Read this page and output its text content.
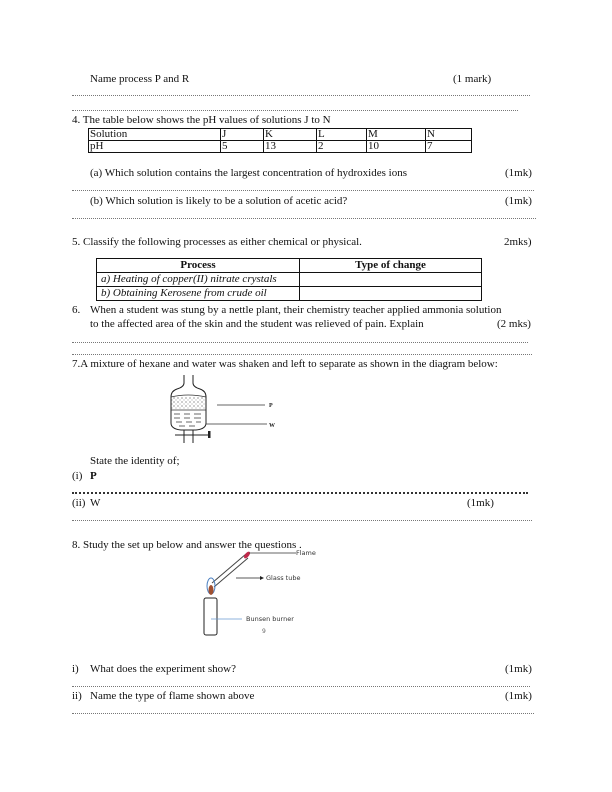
Name process P and R	(1 mark)
4. The table below shows the pH values of solutions J to N
Solution	J	K	L	M	N
pH	5	13	2	10	7
(a) Which solution contains the largest concentration of hydroxides ions	(1mk)
(b) Which solution is likely to be a solution of acetic acid?	(1mk)
5. Classify the following processes as either chemical or physical.	2mks)
Process	Type of change
a) Heating of copper(II) nitrate crystals	
b) Obtaining Kerosene from crude oil	
6. When a student was stung by a nettle plant, their chemistry teacher applied ammonia solution
to the affected area of the skin and the student was relieved of pain. Explain	(2 mks)
7.A mixture of hexane and water was shaken and left to separate as shown in the diagram below:
P
W
State the identity of;
(i) P
(ii) W	(1mk)
8. Study the set up below and answer the questions .
Flame
Glass tube
Bunsen burner
9
i) What does the experiment show?	(1mk)
ii) Name the type of flame shown above	(1mk)
